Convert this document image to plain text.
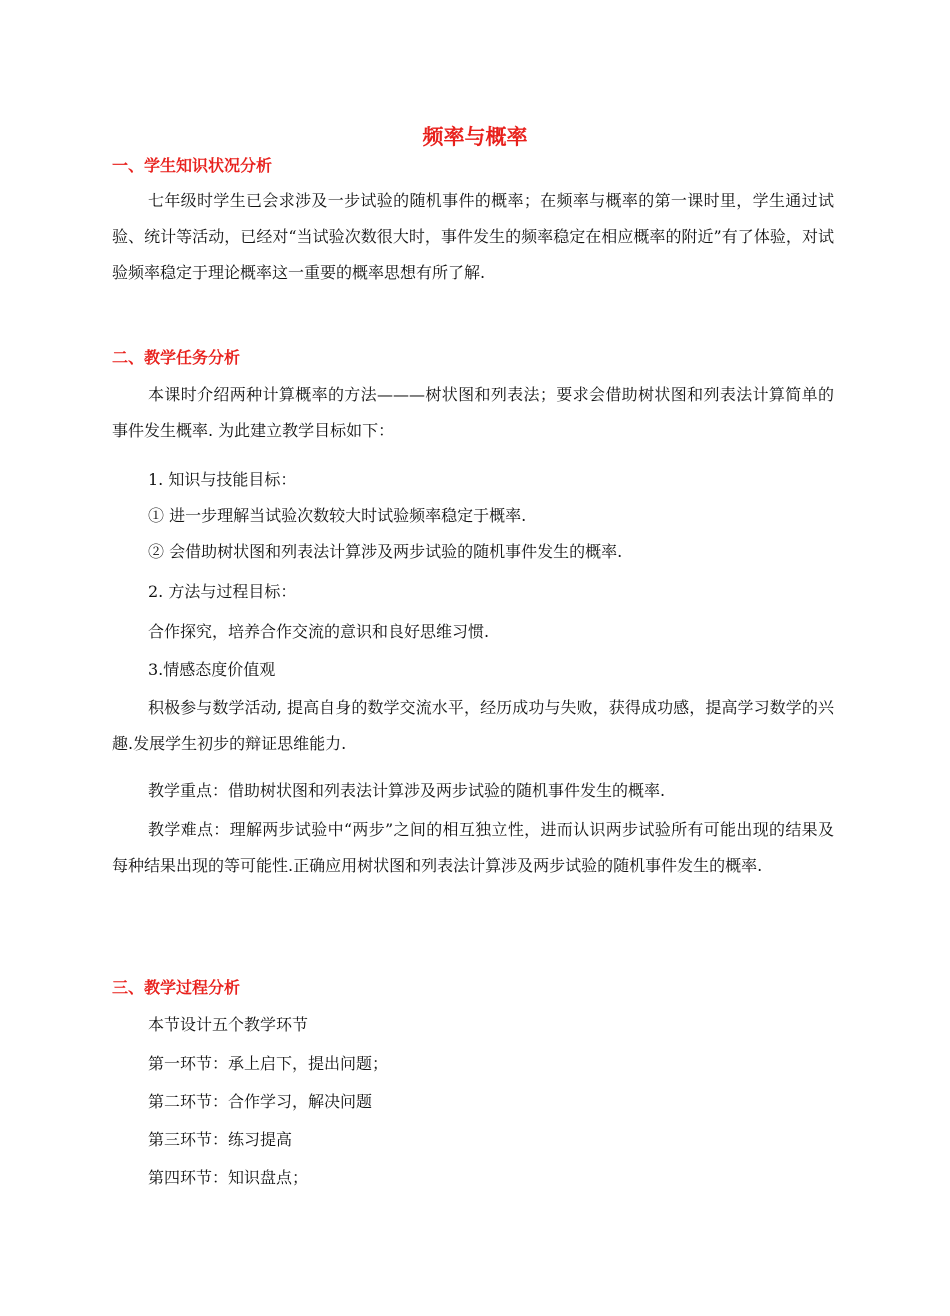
频率与概率
一、学生知识状况分析

七年级时学生已会求涉及一步试验的随机事件的概率；在频率与概率的第一课时里，学生通过试验、统计等活动，已经对“当试验次数很大时，事件发生的频率稳定在相应概率的附近”有了体验，对试验频率稳定于理论概率这一重要的概率思想有所了解.

二、教学任务分析

本课时介绍两种计算概率的方法———树状图和列表法；要求会借助树状图和列表法计算简单的事件发生概率. 为此建立教学目标如下：

1. 知识与技能目标：

① 进一步理解当试验次数较大时试验频率稳定于概率.

② 会借助树状图和列表法计算涉及两步试验的随机事件发生的概率.

2. 方法与过程目标：

合作探究，培养合作交流的意识和良好思维习惯.

3.情感态度价值观

积极参与数学活动, 提高自身的数学交流水平，经历成功与失败，获得成功感，提高学习数学的兴趣.发展学生初步的辩证思维能力.

教学重点：借助树状图和列表法计算涉及两步试验的随机事件发生的概率.

教学难点：理解两步试验中“两步”之间的相互独立性，进而认识两步试验所有可能出现的结果及每种结果出现的等可能性.正确应用树状图和列表法计算涉及两步试验的随机事件发生的概率.

三、教学过程分析

本节设计五个教学环节

第一环节：承上启下，提出问题；

第二环节：合作学习，解决问题

第三环节：练习提高

第四环节：知识盘点；
